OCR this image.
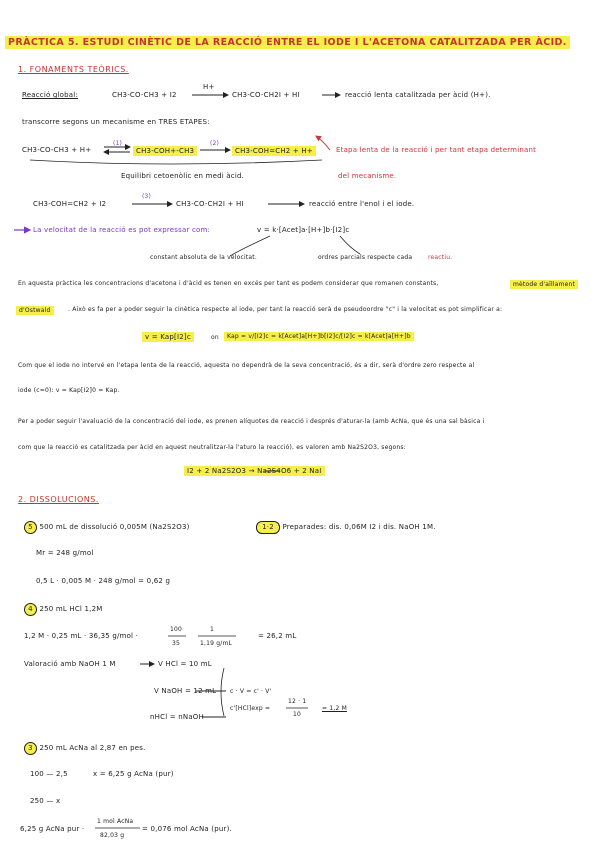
PRÀCTICA 5. ESTUDI CINÈTIC DE LA REACCIÓ ENTRE EL IODE I L'ACETONA CATALITZADA PER ÀCID.
1. FONAMENTS TEÒRICS.
Reacció global:	CH3-CO-CH3 + I2
H+
CH3-CO-CH2I + HI	reacció lenta catalitzada per àcid (H+).
transcorre segons un mecanisme en TRES ETAPES:
CH3-CO-CH3 + H+
(1)
CH3-COH+-CH3
(2)
CH3-COH=CH2 + H+	Etapa lenta de la reacció i per tant etapa determinant
del mecanisme.
Equilibri cetoenòlic en medi àcid.
CH3-COH=CH2 + I2
(3)
CH3-CO-CH2I + HI	reacció entre l'enol i el iode.
La velocitat de la reacció es pot expressar com:	v = k·[Acet]a·[H+]b·[I2]c
constant absoluta de la velocitat.	ordres parcials respecte cada	reactiu.
En aquesta pràctica les concentracions d'acetona i d'àcid es tenen en excés per tant es podem considerar que romanen constants,	mètode d'aïllament
d'Ostwald	. Això es fa per a poder seguir la cinètica respecte al iode, per tant la reacció serà de pseudoordre "c" i la velocitat es pot simplificar a:
v = Kap[I2]c	on	Kap = v/[I2]c = k[Acet]a[H+]b[I2]c/[I2]c = k[Acet]a[H+]b
Com que el iode no intervé en l'etapa lenta de la reacció, aquesta no dependrà de la seva concentració, és a dir, serà d'ordre zero respecte al
iode (c=0): v = Kap[I2]0 = Kap.
Per a poder seguir l'avaluació de la concentració del iode, es prenen alíquotes de reacció i després d'aturar-la (amb AcNa, que és una sal bàsica i
com que la reacció es catalitzada per àcid en aquest neutralitzar-la l'aturo la reacció), es valoren amb Na2S2O3, segons:
I2 + 2 Na2S2O3 → Na2S4O6 + 2 NaI
2. DISSOLUCIONS.
5 500 mL de dissolució 0,005M (Na2S2O3)	1·2 Preparades: dis. 0,06M I2 i dis. NaOH 1M.
Mr = 248 g/mol
0,5 L · 0,005 M · 248 g/mol = 0,62 g
4 250 mL HCl 1,2M
1,2 M · 0,25 mL · 36,35 g/mol ·
100
35
1
1,19 g/mL
= 26,2 mL
Valoració amb NaOH 1 M	V HCl = 10 mL
V NaOH = 12 mL c · V = c' · V'
c'[HCl]exp =
12 · 1
10
= 1,2 M
nHCl = nNaOH
3 250 mL AcNa al 2,87 en pes.
100 — 2,5	x = 6,25 g AcNa (pur)
250 — x
6,25 g AcNa pur ·
1 mol AcNa
82,03 g
= 0,076 mol AcNa (pur).
